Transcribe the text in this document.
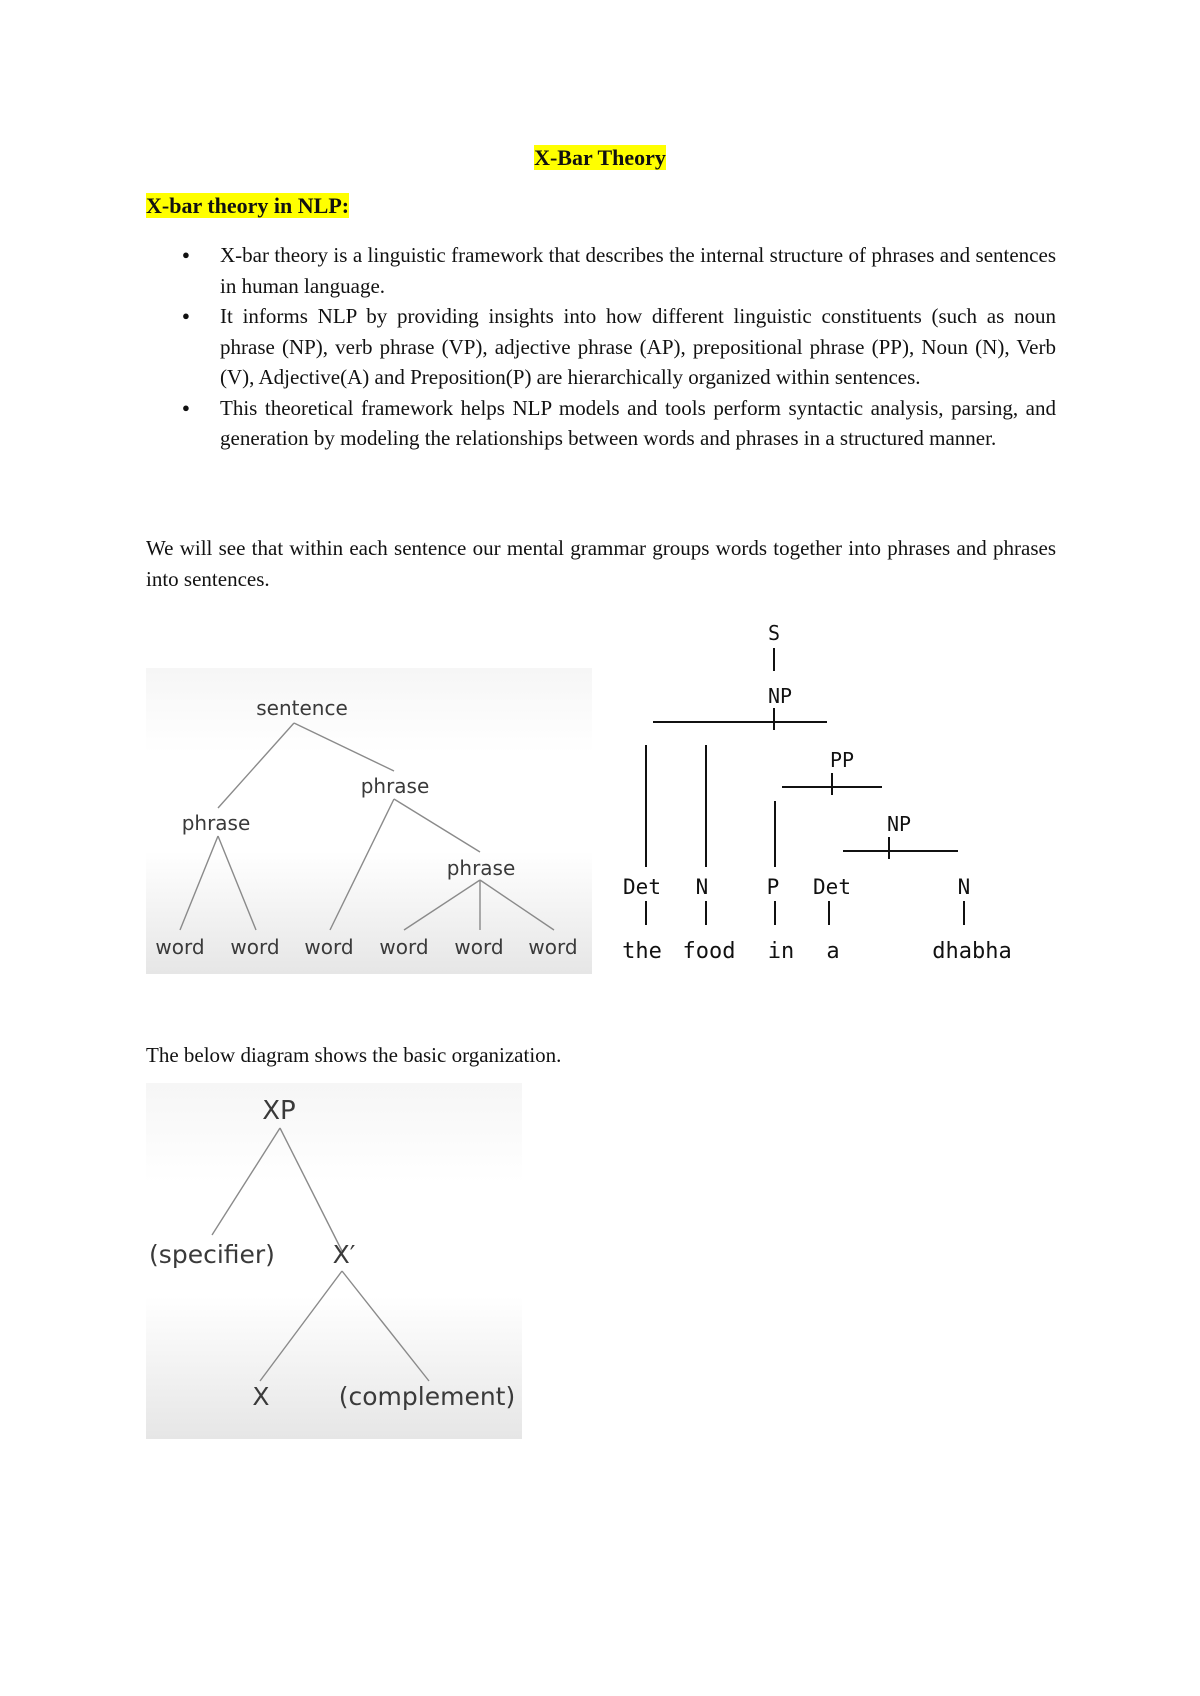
X-Bar Theory
X-bar theory in NLP:
● X-bar theory is a linguistic framework that describes the internal structure of phrases and sentences in human language.
● It informs NLP by providing insights into how different linguistic constituents (such as noun phrase (NP), verb phrase (VP), adjective phrase (AP), prepositional phrase (PP), Noun (N), Verb (V), Adjective(A) and Preposition(P) are hierarchically organized within sentences.
● This theoretical framework helps NLP models and tools perform syntactic analysis, parsing, and generation by modeling the relationships between words and phrases in a structured manner.

We will see that within each sentence our mental grammar groups words together into phrases and phrases into sentences.

sentence
phrase
phrase
phrase
word word word word word word
S
NP
PP
NP
Det N	P Det	N
the food in a	dhabha

The below diagram shows the basic organization.

XP
(specifier) X′
X	(complement)
